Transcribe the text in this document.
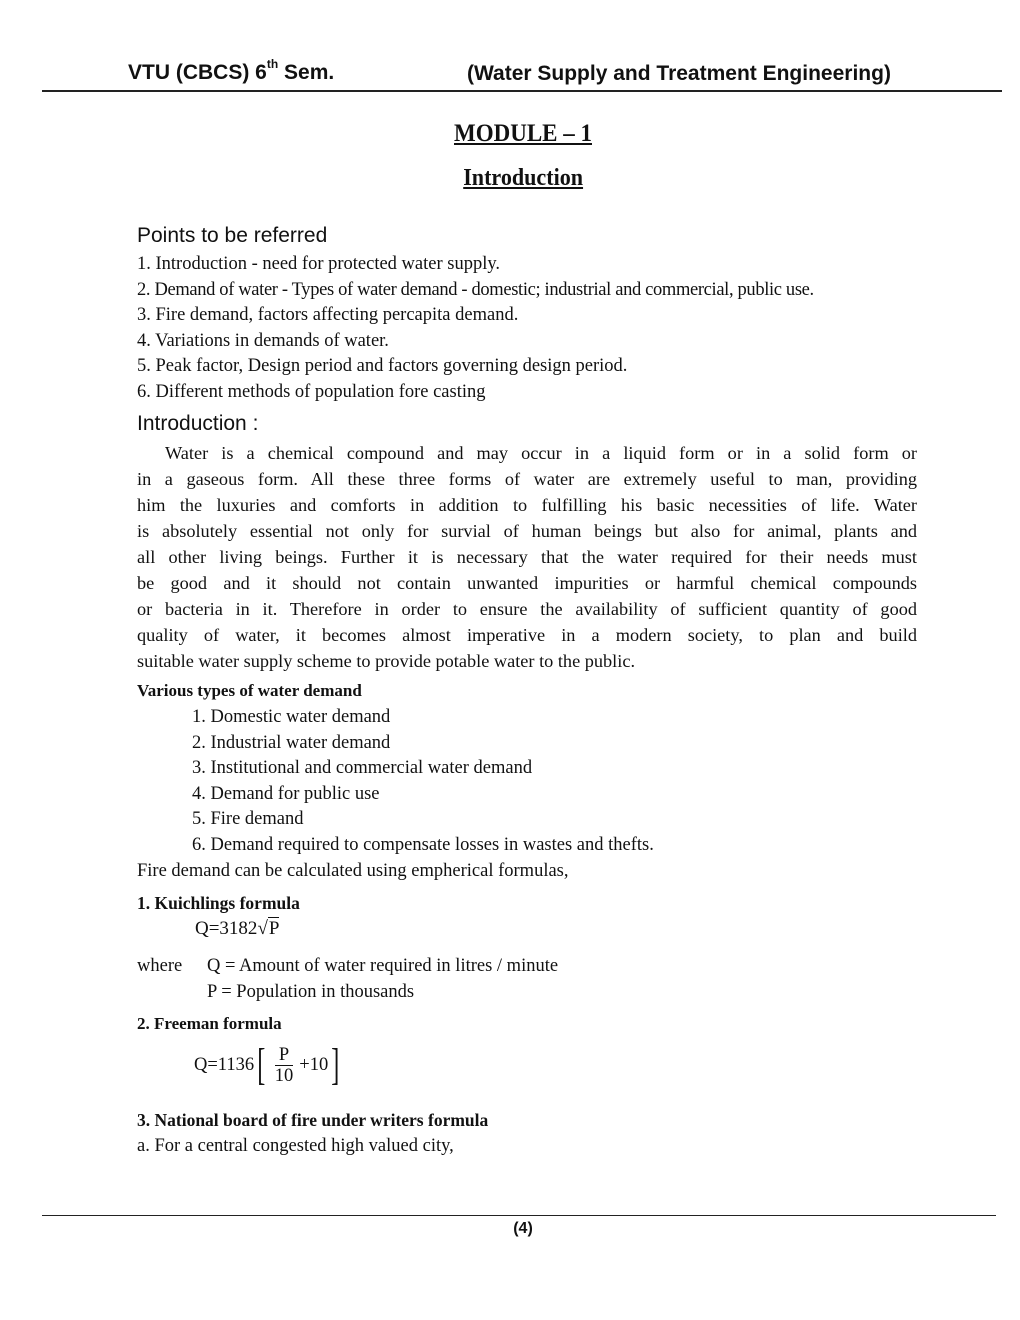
VTU (CBCS) 6th Sem.	(Water Supply and Treatment Engineering)
MODULE – 1
Introduction
Points to be referred
1. Introduction - need for protected water supply.
2. Demand of water - Types of water demand - domestic; industrial and commercial, public use.
3. Fire demand, factors affecting percapita demand.
4. Variations in demands of water.
5. Peak factor, Design period and factors governing design period.
6. Different methods of population fore casting
Introduction :
Water is a chemical compound and may occur in a liquid form or in a solid form or
in a gaseous form. All these three forms of water are extremely useful to man, providing
him the luxuries and comforts in addition to fulfilling his basic necessities of life. Water
is absolutely essential not only for survial of human beings but also for animal, plants and
all other living beings. Further it is necessary that the water required for their needs must
be good and it should not contain unwanted impurities or harmful chemical compounds
or bacteria in it. Therefore in order to ensure the availability of sufficient quantity of good
quality of water, it becomes almost imperative in a modern society, to plan and build
suitable water supply scheme to provide potable water to the public.
Various types of water demand
1. Domestic water demand
2. Industrial water demand
3. Institutional and commercial water demand
4. Demand for public use
5. Fire demand
6. Demand required to compensate losses in wastes and thefts.
Fire demand can be calculated using empherical formulas,
1. Kuichlings formula
Q=3182√P
where Q = Amount of water required in litres / minute
P = Population in thousands
2. Freeman formula
Q=1136 [ $\frac{P}{10} +10$ ]
3. National board of fire under writers formula
a. For a central congested high valued city,
(4)
